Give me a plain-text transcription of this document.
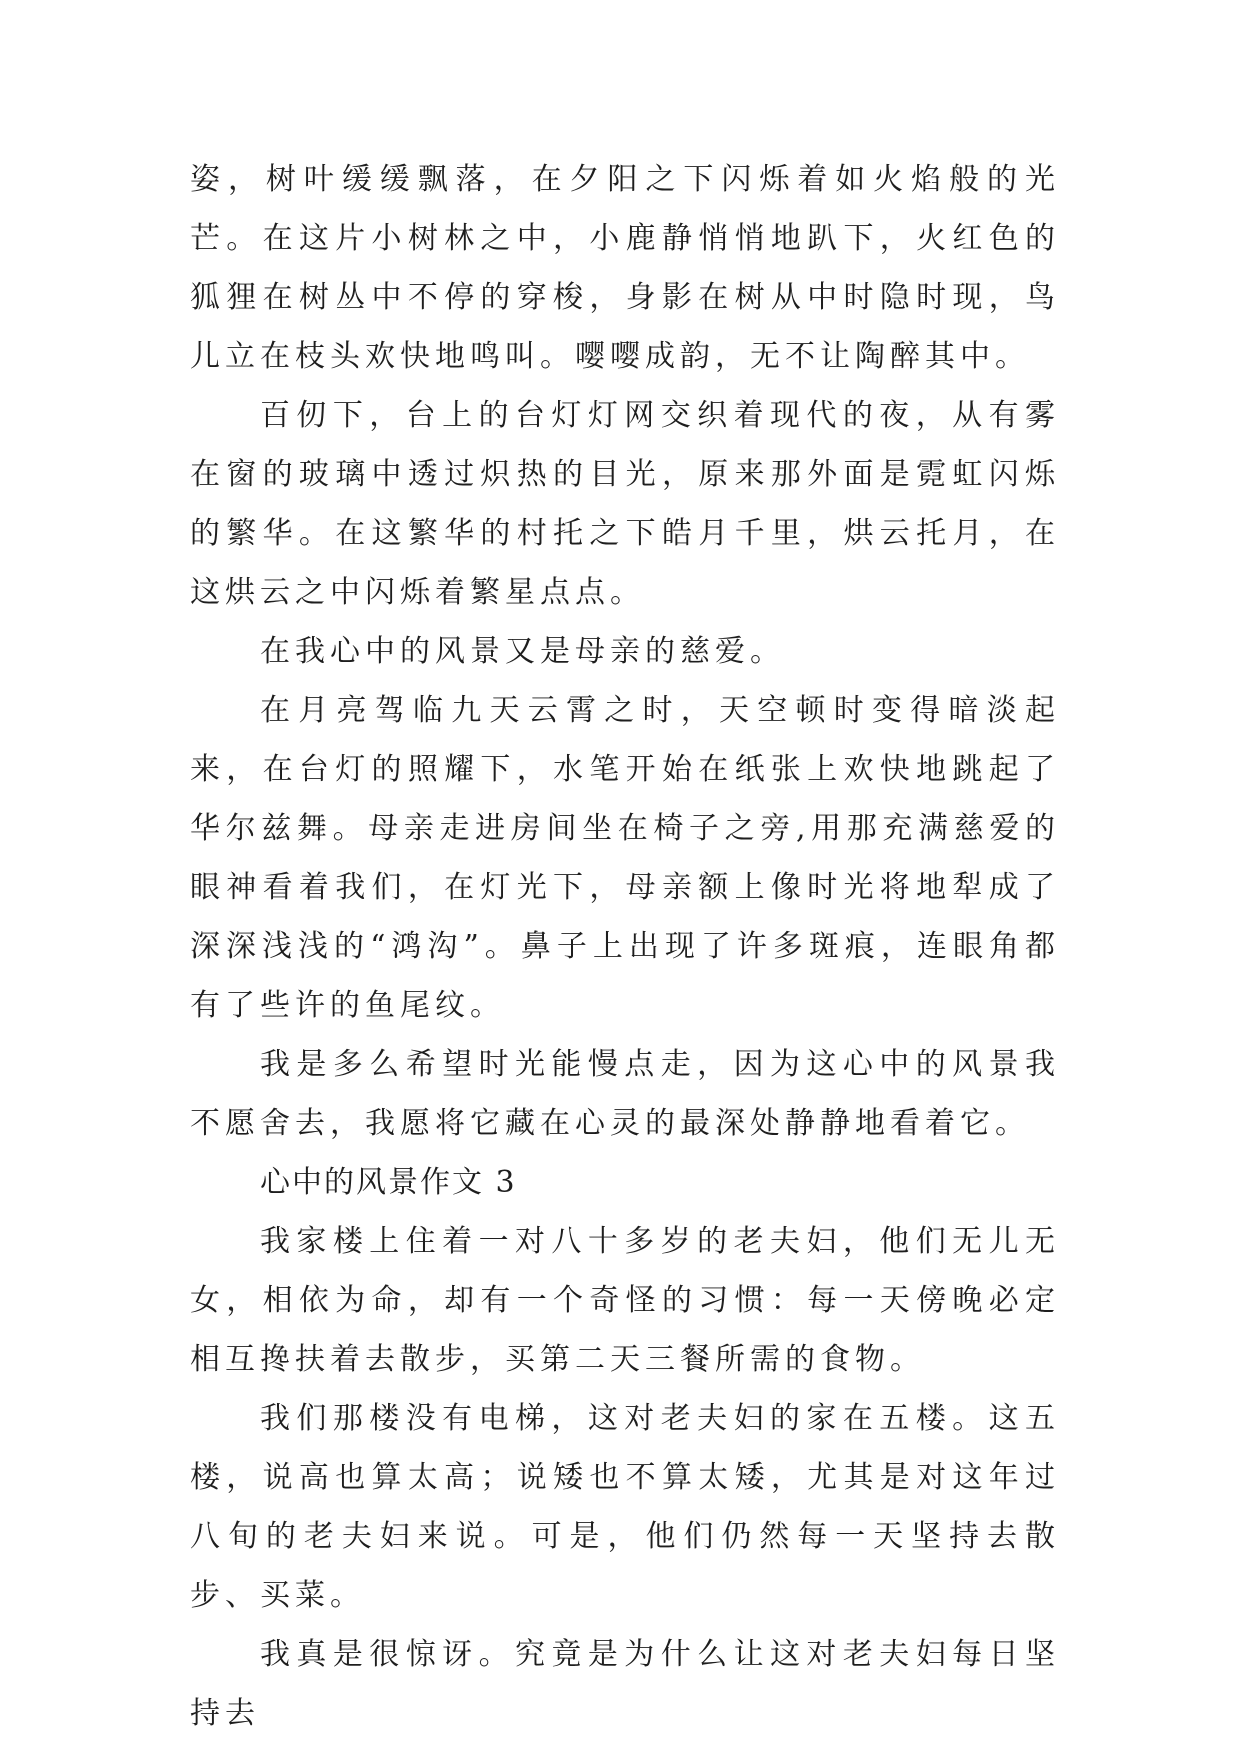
姿，树叶缓缓飘落，在夕阳之下闪烁着如火焰般的光芒。在这片小树林之中，小鹿静悄悄地趴下，火红色的狐狸在树丛中不停的穿梭，身影在树从中时隐时现，鸟儿立在枝头欢快地鸣叫。嘤嘤成韵，无不让陶醉其中。

百仞下，台上的台灯灯网交织着现代的夜，从有雾在窗的玻璃中透过炽热的目光，原来那外面是霓虹闪烁的繁华。在这繁华的村托之下皓月千里，烘云托月，在这烘云之中闪烁着繁星点点。

在我心中的风景又是母亲的慈爱。

在月亮驾临九天云霄之时，天空顿时变得暗淡起来，在台灯的照耀下，水笔开始在纸张上欢快地跳起了华尔兹舞。母亲走进房间坐在椅子之旁,用那充满慈爱的眼神看着我们，在灯光下，母亲额上像时光将地犁成了深深浅浅的“鸿沟”。鼻子上出现了许多斑痕，连眼角都有了些许的鱼尾纹。

我是多么希望时光能慢点走，因为这心中的风景我不愿舍去，我愿将它藏在心灵的最深处静静地看着它。

心中的风景作文 3

我家楼上住着一对八十多岁的老夫妇，他们无儿无女，相依为命，却有一个奇怪的习惯：每一天傍晚必定相互搀扶着去散步，买第二天三餐所需的食物。

我们那楼没有电梯，这对老夫妇的家在五楼。这五楼，说高也算太高；说矮也不算太矮，尤其是对这年过八旬的老夫妇来说。可是，他们仍然每一天坚持去散步、买菜。

我真是很惊讶。究竟是为什么让这对老夫妇每日坚持去
